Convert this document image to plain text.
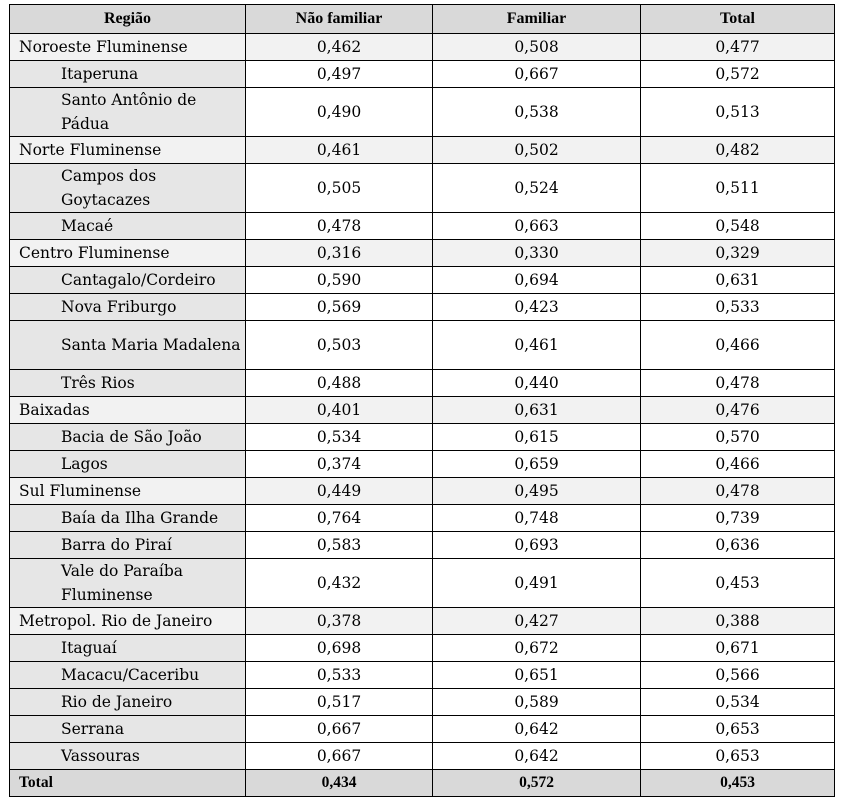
Região	Não familiar	Familiar	Total
Noroeste Fluminense	0,462	0,508	0,477
Itaperuna	0,497	0,667	0,572
Santo Antônio de Pádua	0,490	0,538	0,513
Norte Fluminense	0,461	0,502	0,482
Campos dos Goytacazes	0,505	0,524	0,511
Macaé	0,478	0,663	0,548
Centro Fluminense	0,316	0,330	0,329
Cantagalo/Cordeiro	0,590	0,694	0,631
Nova Friburgo	0,569	0,423	0,533
Santa Maria Madalena	0,503	0,461	0,466
Três Rios	0,488	0,440	0,478
Baixadas	0,401	0,631	0,476
Bacia de São João	0,534	0,615	0,570
Lagos	0,374	0,659	0,466
Sul Fluminense	0,449	0,495	0,478
Baía da Ilha Grande	0,764	0,748	0,739
Barra do Piraí	0,583	0,693	0,636
Vale do Paraíba Fluminense	0,432	0,491	0,453
Metropol. Rio de Janeiro	0,378	0,427	0,388
Itaguaí	0,698	0,672	0,671
Macacu/Caceribu	0,533	0,651	0,566
Rio de Janeiro	0,517	0,589	0,534
Serrana	0,667	0,642	0,653
Vassouras	0,667	0,642	0,653
Total	0,434	0,572	0,453
